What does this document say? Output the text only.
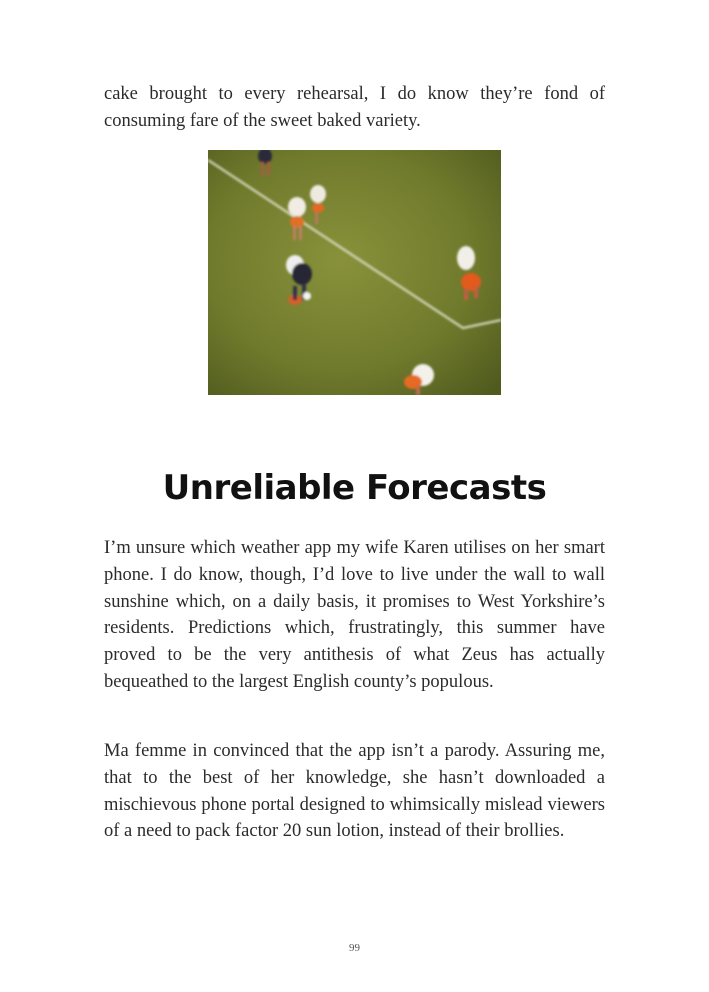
cake brought to every rehearsal, I do know they’re fond of consuming fare of the sweet baked variety.

Unreliable Forecasts

I’m unsure which weather app my wife Karen utilises on her smart phone. I do know, though, I’d love to live under the wall to wall sunshine which, on a daily basis, it promises to West Yorkshire’s residents. Predictions which, frustratingly, this summer have proved to be the very antithesis of what Zeus has actually bequeathed to the largest English county’s populous.

Ma femme in convinced that the app isn’t a parody. Assuring me, that to the best of her knowledge, she hasn’t downloaded a mischievous phone portal designed to whimsically mislead viewers of a need to pack factor 20 sun lotion, instead of their brollies.

99
